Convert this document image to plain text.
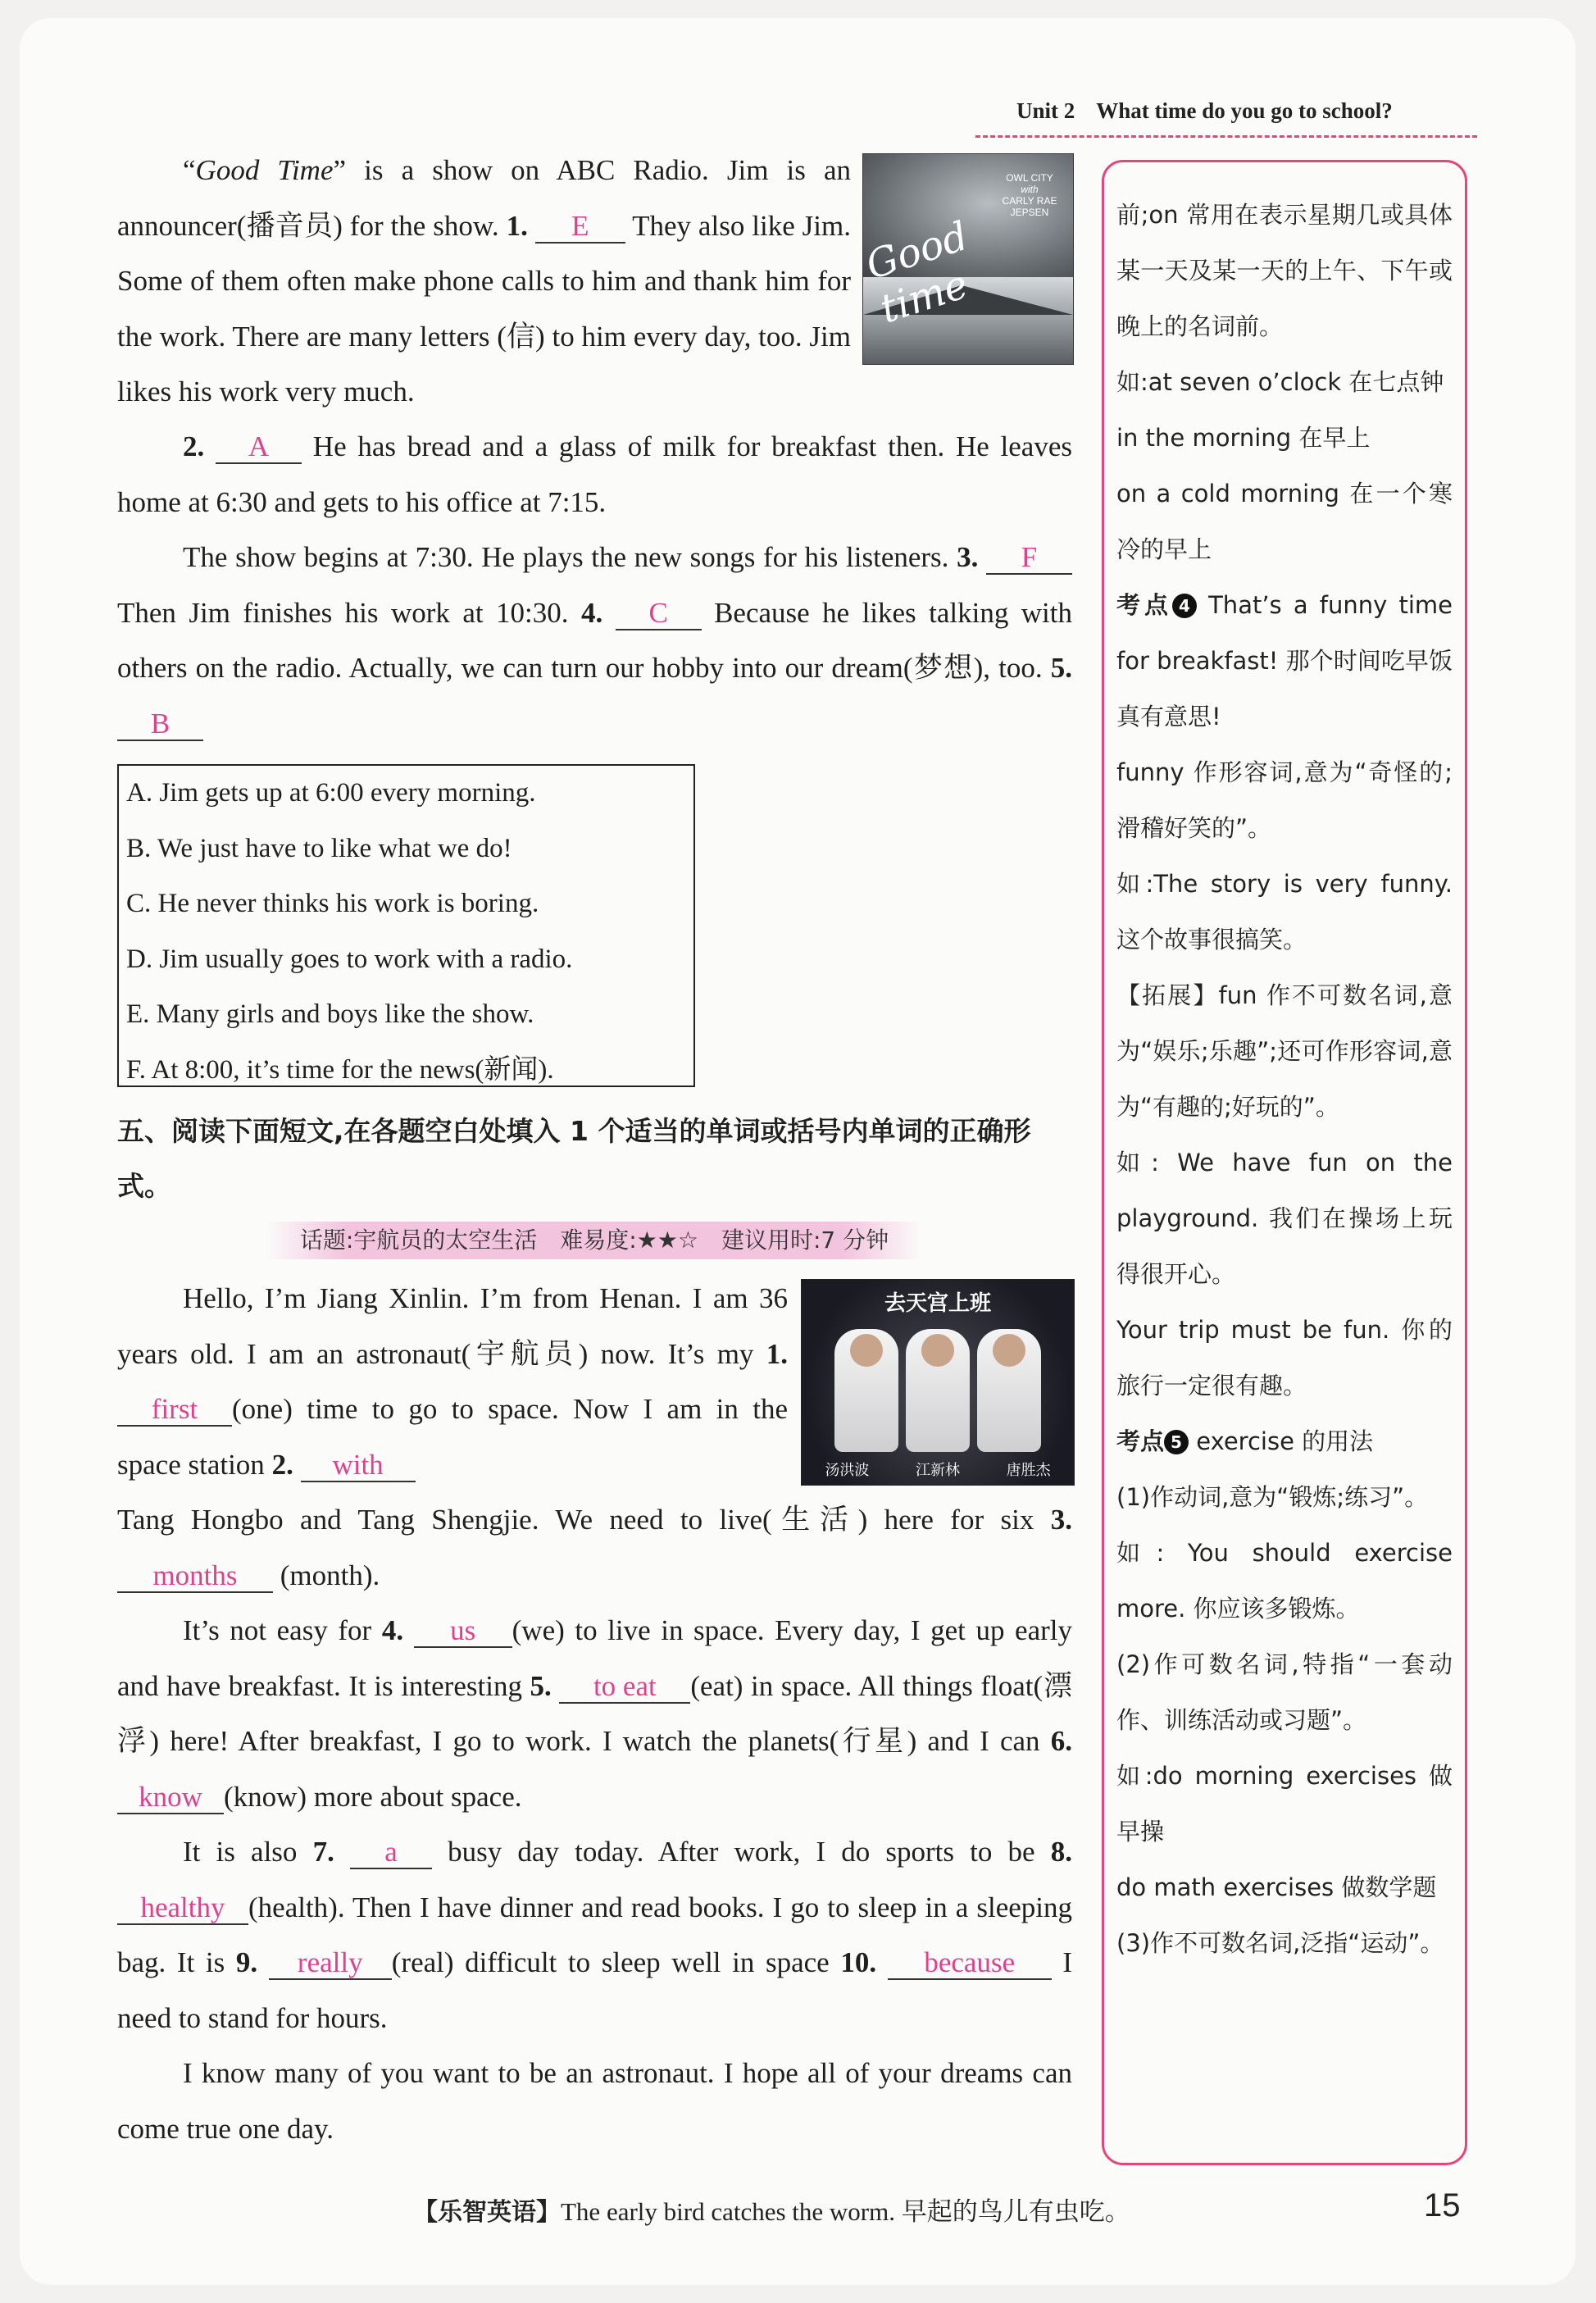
Unit 2 What time do you go to school?

“Good Time” is a show on ABC Radio. Jim is an announcer(播音员) for the show. 1. E They also like Jim. Some of them often make phone calls to him and thank him for the work. There are many letters (信) to him every day, too. Jim likes his work very much.

OWL CITY
with
CARLY RAE
JEPSEN
Good time

2. A He has bread and a glass of milk for breakfast then. He leaves home at 6:30 and gets to his office at 7:15.

The show begins at 7:30. He plays the new songs for his listeners. 3. F Then Jim finishes his work at 10:30. 4. C Because he likes talking with others on the radio. Actually, we can turn our hobby into our dream(梦想), too. 5. B

A. Jim gets up at 6:00 every morning.
B. We just have to like what we do!
C. He never thinks his work is boring.
D. Jim usually goes to work with a radio.
E. Many girls and boys like the show.
F. At 8:00, it’s time for the news(新闻).
五、阅读下面短文,在各题空白处填入 1 个适当的单词或括号内单词的正确形式。
话题:宇航员的太空生活　难易度:★★☆　建议用时:7 分钟
去天宫上班
汤洪波	江新林	唐胜杰

Hello, I’m Jiang Xinlin. I’m from Henan. I am 36 years old. I am an astronaut(宇航员) now. It’s my 1. first (one) time to go to space. Now I am in the space station 2. with

Tang Hongbo and Tang Shengjie. We need to live(生活) here for six 3. months (month).

It’s not easy for 4. us (we) to live in space. Every day, I get up early and have breakfast. It is interesting 5. to eat (eat) in space. All things float(漂浮) here! After breakfast, I go to work. I watch the planets(行星) and I can 6. know (know) more about space.

It is also 7. a busy day today. After work, I do sports to be 8. healthy (health). Then I have dinner and read books. I go to sleep in a sleeping bag. It is 9. really (real) difficult to sleep well in space 10. because I need to stand for hours.

I know many of you want to be an astronaut. I hope all of your dreams can come true one day.

前;on 常用在表示星期几或具体某一天及某一天的上午、下午或晚上的名词前。

如:at seven o’clock 在七点钟

in the morning 在早上

on a cold morning 在一个寒冷的早上

考点 4 That’s a funny time for breakfast! 那个时间吃早饭真有意思!

funny 作形容词,意为“奇怪的;滑稽好笑的”。

如:The story is very funny. 这个故事很搞笑。

【拓展】fun 作不可数名词,意为“娱乐;乐趣”;还可作形容词,意为“有趣的;好玩的”。

如: We have fun on the playground. 我们在操场上玩得很开心。

Your trip must be fun. 你的旅行一定很有趣。

考点 5 exercise 的用法

(1)作动词,意为“锻炼;练习”。

如: You should exercise more. 你应该多锻炼。

(2)作可数名词,特指“一套动作、训练活动或习题”。

如:do morning exercises 做早操

do math exercises 做数学题

(3)作不可数名词,泛指“运动”。

【乐智英语】The early bird catches the worm. 早起的鸟儿有虫吃。	15
